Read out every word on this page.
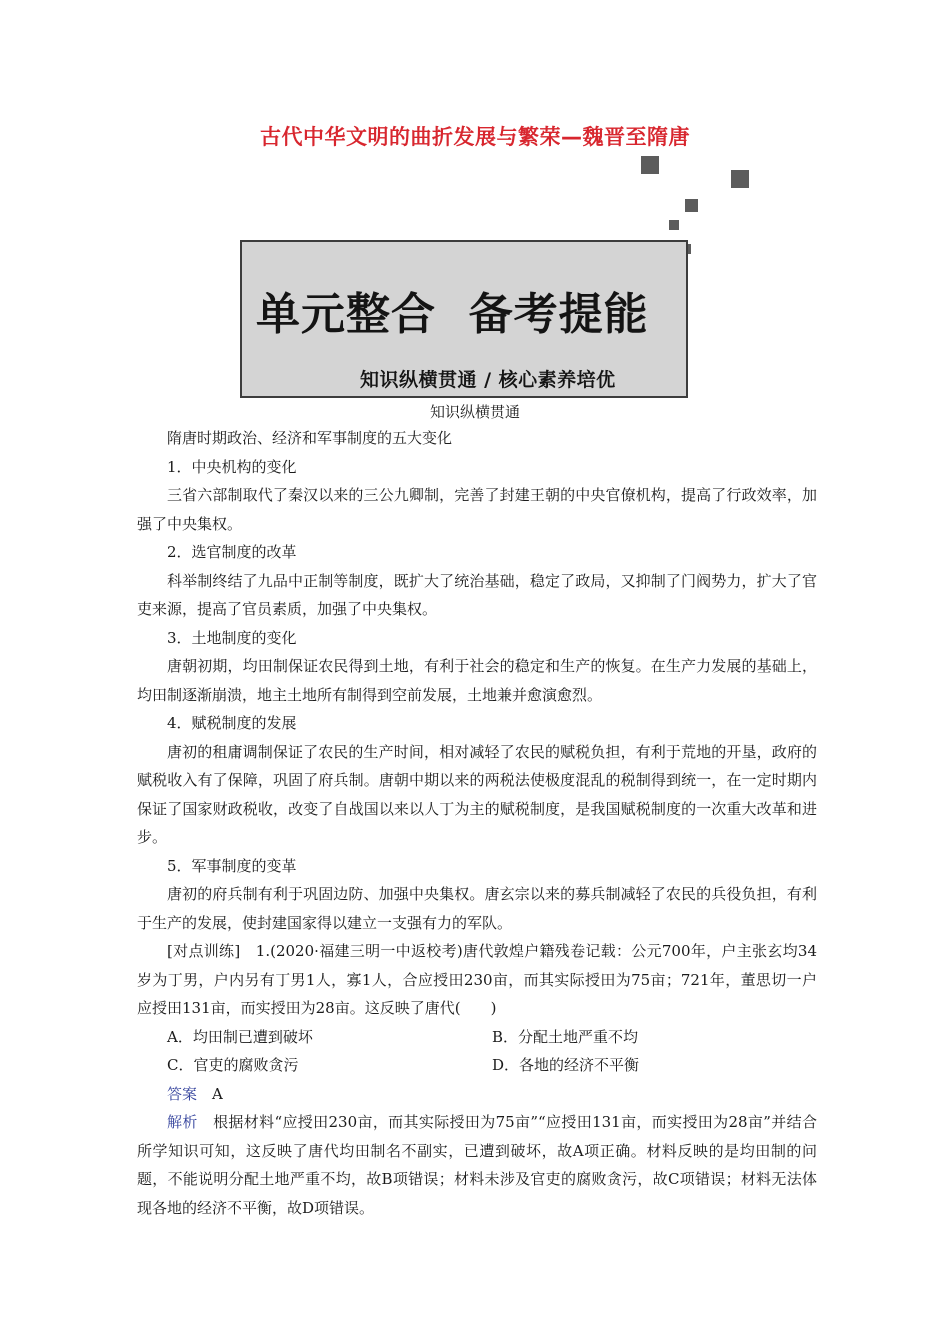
古代中华文明的曲折发展与繁荣—魏晋至隋唐
单元整合  备考提能
知识纵横贯通 / 核心素养培优
知识纵横贯通

隋唐时期政治、经济和军事制度的五大变化

1．中央机构的变化

三省六部制取代了秦汉以来的三公九卿制，完善了封建王朝的中央官僚机构，提高了行政效率，加强了中央集权。

2．选官制度的改革

科举制终结了九品中正制等制度，既扩大了统治基础，稳定了政局，又抑制了门阀势力，扩大了官吏来源，提高了官员素质，加强了中央集权。

3．土地制度的变化

唐朝初期，均田制保证农民得到土地，有利于社会的稳定和生产的恢复。在生产力发展的基础上，均田制逐渐崩溃，地主土地所有制得到空前发展，土地兼并愈演愈烈。

4．赋税制度的发展

唐初的租庸调制保证了农民的生产时间，相对减轻了农民的赋税负担，有利于荒地的开垦，政府的赋税收入有了保障，巩固了府兵制。唐朝中期以来的两税法使极度混乱的税制得到统一，在一定时期内保证了国家财政税收，改变了自战国以来以人丁为主的赋税制度，是我国赋税制度的一次重大改革和进步。

5．军事制度的变革

唐初的府兵制有利于巩固边防、加强中央集权。唐玄宗以来的募兵制减轻了农民的兵役负担，有利于生产的发展，使封建国家得以建立一支强有力的军队。

[对点训练]　1.(2020·福建三明一中返校考)唐代敦煌户籍残卷记载：公元700年，户主张玄均34岁为丁男，户内另有丁男1人，寡1人，合应授田230亩，而其实际授田为75亩；721年，董思切一户应授田131亩，而实授田为28亩。这反映了唐代(　　)

A．均田制已遭到破坏	B．分配土地严重不均
C．官吏的腐败贪污	D．各地的经济不平衡

答案　 A

解析　 根据材料“应授田230亩，而其实际授田为75亩”“应授田131亩，而实授田为28亩”并结合所学知识可知，这反映了唐代均田制名不副实，已遭到破坏，故A项正确。材料反映的是均田制的问题，不能说明分配土地严重不均，故B项错误；材料未涉及官吏的腐败贪污，故C项错误；材料无法体现各地的经济不平衡，故D项错误。
